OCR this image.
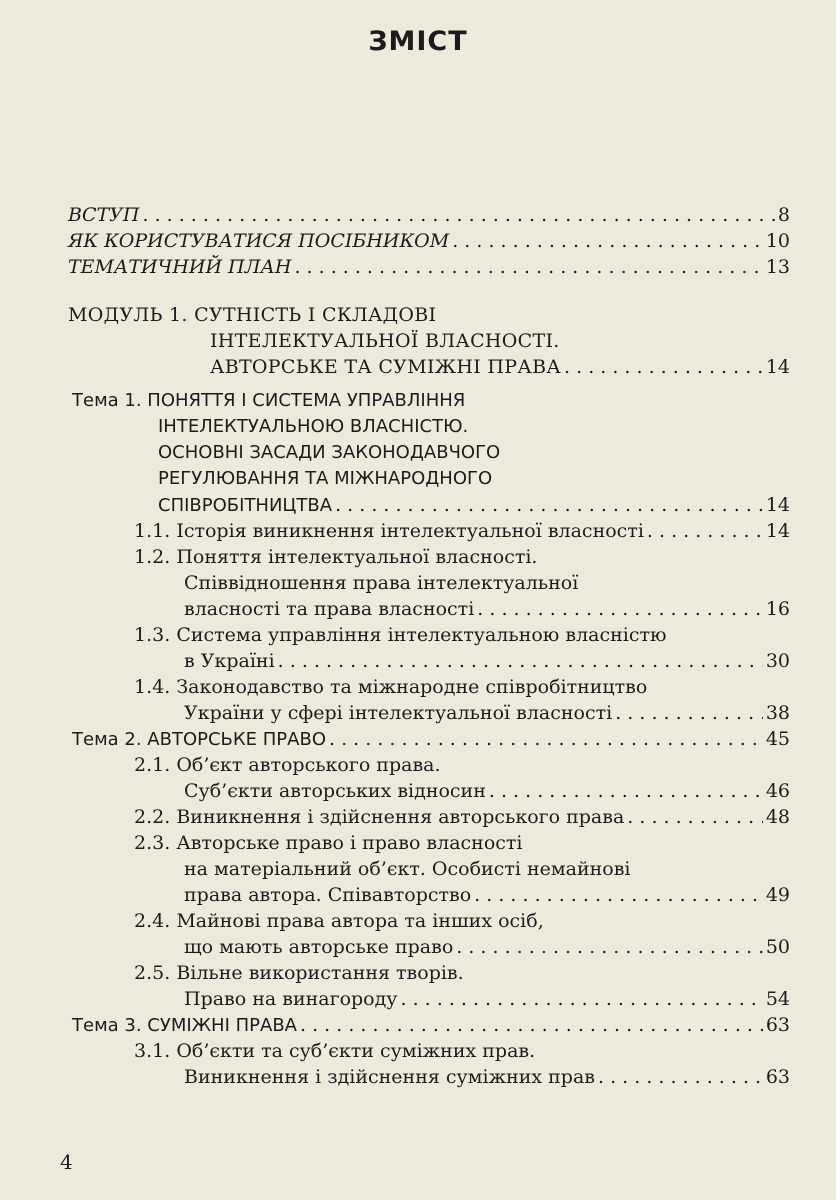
ЗМІСТ
ВСТУП . . .	8
ЯК КОРИСТУВАТИСЯ ПОСІБНИКОМ . . .	10
ТЕМАТИЧНИЙ ПЛАН . . .	13
МОДУЛЬ 1. СУТНІСТЬ І СКЛАДОВІ
ІНТЕЛЕКТУАЛЬНОЇ ВЛАСНОСТІ.
АВТОРСЬКЕ ТА СУМІЖНІ ПРАВА . . .	14
Тема 1. ПОНЯТТЯ І СИСТЕМА УПРАВЛІННЯ
ІНТЕЛЕКТУАЛЬНОЮ ВЛАСНІСТЮ.
ОСНОВНІ ЗАСАДИ ЗАКОНОДАВЧОГО
РЕГУЛЮВАННЯ ТА МІЖНАРОДНОГО
СПІВРОБІТНИЦТВА . . .	14
1.1.
Історія виникнення інтелектуальної власності . . .	14
1.2.
Поняття інтелектуальної власності.
Співвідношення права інтелектуальної
власності та права власності . . .	16
1.3.
Система управління інтелектуальною власністю
в Україні . . .	30
1.4.
Законодавство та міжнародне співробітництво
України у сфері інтелектуальної власності . . .	38
Тема 2. АВТОРСЬКЕ ПРАВО . . .	45
2.1.
Об’єкт авторського права.
Суб’єкти авторських відносин . . .	46
2.2.
Виникнення і здійснення авторського права . . .	48
2.3.
Авторське право і право власності
на матеріальний об’єкт. Особисті немайнові
права автора. Співавторство . . .	49
2.4.
Майнові права автора та інших осіб,
що мають авторське право . . .	50
2.5.
Вільне використання творів.
Право на винагороду . . .	54
Тема 3. СУМІЖНІ ПРАВА . . .	63
3.1.
Об’єкти та суб’єкти суміжних прав.
Виникнення і здійснення суміжних прав . . .	63
4
